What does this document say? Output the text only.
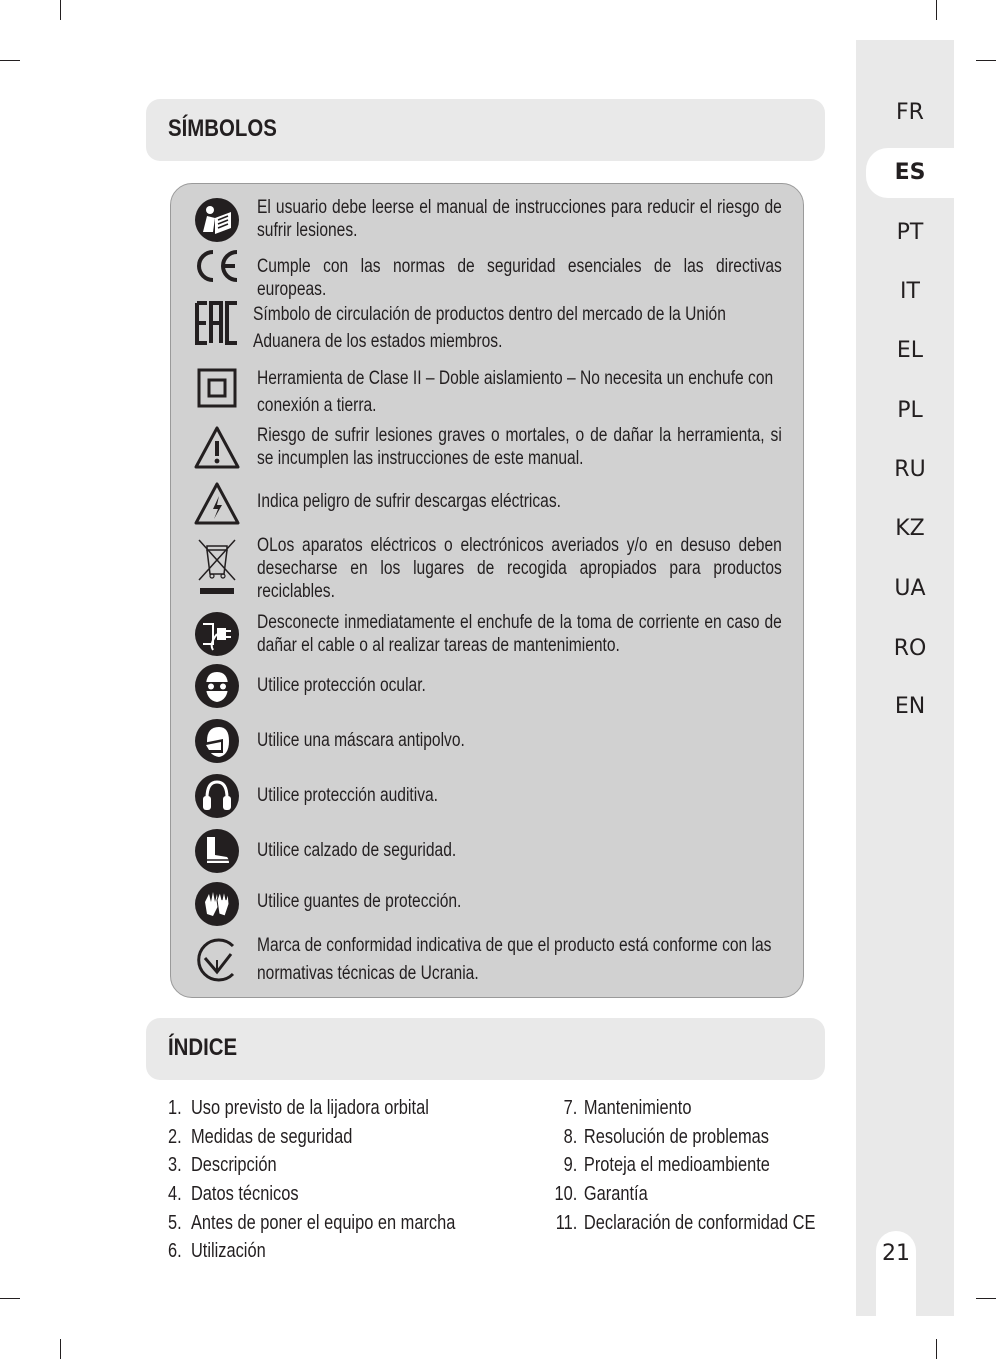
FR
ES
PT
IT
EL
PL
RU
KZ
UA
RO
EN
21
SÍMBOLOS
El usuario debe leerse el manual de instrucciones para reducir el riesgo de sufrir lesiones.
Cumple con las normas de seguridad esenciales de las directivas europeas.
Símbolo de circulación de productos dentro del mercado de la Unión Aduanera de los estados miembros.
Herramienta de Clase II – Doble aislamiento – No necesita un enchufe con conexión a tierra.
Riesgo de sufrir lesiones graves o mortales, o de dañar la herramienta, si se incumplen las instrucciones de este manual.
Indica peligro de sufrir descargas eléctricas.
OLos aparatos eléctricos o electrónicos averiados y/o en desuso deben desecharse en los lugares de recogida apropiados para productos reciclables.
Desconecte inmediatamente el enchufe de la toma de corriente en caso de dañar el cable o al realizar tareas de mantenimiento.
Utilice protección ocular.
Utilice una máscara antipolvo.
Utilice protección auditiva.
Utilice calzado de seguridad.
Utilice guantes de protección.
Marca de conformidad indicativa de que el producto está conforme con las normativas técnicas de Ucrania.
ÍNDICE
1. Uso previsto de la lijadora orbital
2. Medidas de seguridad
3. Descripción
4. Datos técnicos
5. Antes de poner el equipo en marcha
6. Utilización
7. Mantenimiento
8. Resolución de problemas
9. Proteja el medioambiente
10. Garantía
11. Declaración de conformidad CE
